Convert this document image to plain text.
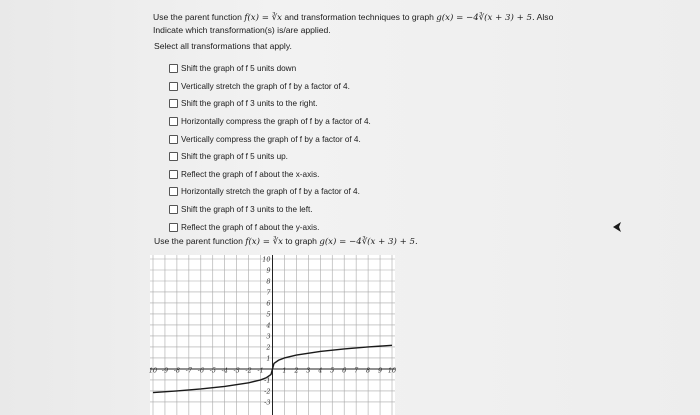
Use the parent function f(x) = ∛x and transformation techniques to graph g(x) = −4∛(x + 3) + 5. Also
Indicate which transformation(s) is/are applied.
Select all transformations that apply.
Shift the graph of f 5 units down
Vertically stretch the graph of f by a factor of 4.
Shift the graph of f 3 units to the right.
Horizontally compress the graph of f by a factor of 4.
Vertically compress the graph of f by a factor of 4.
Shift the graph of f 5 units up.
Reflect the graph of f about the x-axis.
Horizontally stretch the graph of f by a factor of 4.
Shift the graph of f 3 units to the left.
Reflect the graph of f about the y-axis.
Use the parent function f(x) = ∛x to graph g(x) = −4∛(x + 3) + 5.
10 -9 -8 -7 -6 -5 -4 -3 -2 -1	1 2 3 4 5 6 7 8 9 10
10
9
8
7
6
5
4
3
2
1
-1
-2
-3
